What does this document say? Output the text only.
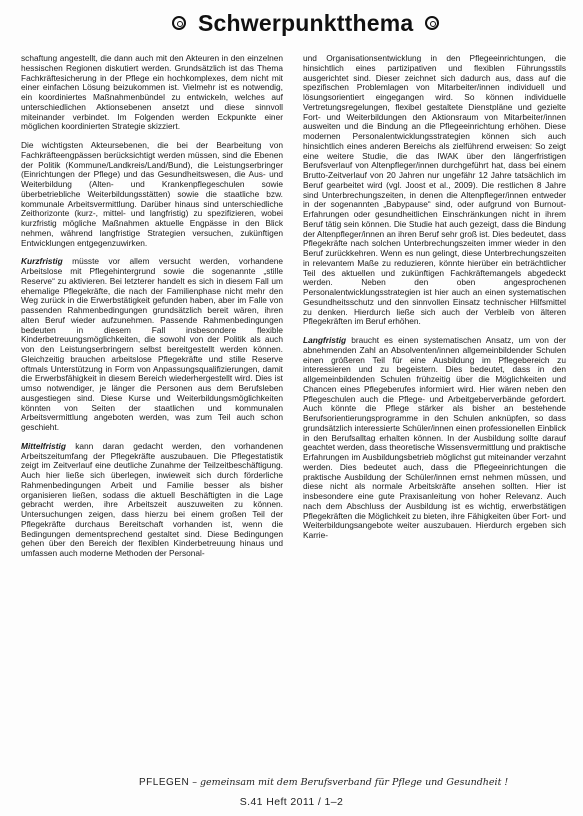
Schwerpunktthema

schaftung angestellt, die dann auch mit den Akteuren in den einzelnen hessischen Regionen diskutiert werden. Grundsätzlich ist das Thema Fachkräftesicherung in der Pflege ein hochkomplexes, dem nicht mit einer einfachen Lösung beizukommen ist. Vielmehr ist es notwendig, ein koordiniertes Maßnahmenbündel zu entwickeln, welches auf unterschiedlichen Aktionsebenen ansetzt und diese sinnvoll miteinander verbindet. Im Folgenden werden Eckpunkte einer möglichen koordinierten Strategie skizziert.

Die wichtigsten Akteursebenen, die bei der Bearbeitung von Fachkräfteengpässen berücksichtigt werden müssen, sind die Ebenen der Politik (Kommune/Landkreis/Land/Bund), die Leistungserbringer (Einrichtungen der Pflege) und das Gesundheitswesen, die Aus- und Weiterbildung (Alten- und Krankenpflegeschulen sowie überbetriebliche Weiterbildungsstätten) sowie die staatliche bzw. kommunale Arbeitsvermittlung. Darüber hinaus sind unterschiedliche Zeithorizonte (kurz-, mittel- und langfristig) zu spezifizieren, wobei kurzfristig mögliche Maßnahmen aktuelle Engpässe in den Blick nehmen, während langfristige Strategien versuchen, zukünftigen Entwicklungen entgegenzuwirken.

Kurzfristig müsste vor allem versucht werden, vorhandene Arbeitslose mit Pflegehintergrund sowie die sogenannte „stille Reserve“ zu aktivieren. Bei letzterer handelt es sich in diesem Fall um ehemalige Pflegekräfte, die nach der Familienphase nicht mehr den Weg zurück in die Erwerbstätigkeit gefunden haben, aber im Falle von passenden Rahmenbedingungen grundsätzlich bereit wären, ihren alten Beruf wieder aufzunehmen. Passende Rahmenbedingungen bedeuten in diesem Fall insbesondere flexible Kinderbetreuungsmöglichkeiten, die sowohl von der Politik als auch von den Leistungserbringern selbst bereitgestellt werden können. Gleichzeitig brauchen arbeitslose Pflegekräfte und stille Reserve oftmals Unterstützung in Form von Anpassungsqualifizierungen, damit die Erwerbsfähigkeit in diesem Bereich wiederhergestellt wird. Dies ist umso notwendiger, je länger die Personen aus dem Berufsleben ausgestiegen sind. Diese Kurse und Weiterbildungsmöglichkeiten könnten von Seiten der staatlichen und kommunalen Arbeitsvermittlung angeboten werden, was zum Teil auch schon geschieht.

Mittelfristig kann daran gedacht werden, den vorhandenen Arbeitszeitumfang der Pflegekräfte auszubauen. Die Pflegestatistik zeigt im Zeitverlauf eine deutliche Zunahme der Teilzeitbeschäftigung. Auch hier ließe sich überlegen, inwieweit sich durch förderliche Rahmenbedingungen Arbeit und Familie besser als bisher organisieren ließen, sodass die aktuell Beschäftigten in die Lage gebracht werden, ihre Arbeitszeit auszuweiten zu können. Untersuchungen zeigen, dass hierzu bei einem großen Teil der Pflegekräfte durchaus Bereitschaft vorhanden ist, wenn die Bedingungen dementsprechend gestaltet sind. Diese Bedingungen gehen über den Bereich der flexiblen Kinderbetreuung hinaus und umfassen auch moderne Methoden der Personal-

und Organisationsentwicklung in den Pflegeeinrichtungen, die hinsichtlich eines partizipativen und flexiblen Führungsstils ausgerichtet sind. Dieser zeichnet sich dadurch aus, dass auf die spezifischen Problemlagen von Mitarbeiter/innen individuell und lösungsorientiert eingegangen wird. So können individuelle Vertretungsregelungen, flexibel gestaltete Dienstpläne und gezielte Fort- und Weiterbildungen den Aktionsraum von Mitarbeiter/innen ausweiten und die Bindung an die Pflegeeinrichtung erhöhen. Diese modernen Personalentwicklungsstrategien können sich auch hinsichtlich eines anderen Bereichs als zielführend erweisen: So zeigt eine weitere Studie, die das IWAK über den längerfristigen Berufsverlauf von Altenpfleger/innen durchgeführt hat, dass bei einem Brutto-Zeitverlauf von 20 Jahren nur ungefähr 12 Jahre tatsächlich im Beruf gearbeitet wird (vgl. Joost et al., 2009). Die restlichen 8 Jahre sind Unterbrechungszeiten, in denen die Altenpfleger/innen entweder in der sogenannten „Babypause“ sind, oder aufgrund von Burnout-Erfahrungen oder gesundheitlichen Einschränkungen nicht in ihrem Beruf tätig sein können. Die Studie hat auch gezeigt, dass die Bindung der Altenpfleger/innen an ihren Beruf sehr groß ist. Dies bedeutet, dass Pflegekräfte nach solchen Unterbrechungszeiten immer wieder in den Beruf zurückkehren. Wenn es nun gelingt, diese Unterbrechungszeiten in relevantem Maße zu reduzieren, könnte hierüber ein beträchtlicher Teil des aktuellen und zukünftigen Fachkräftemangels abgedeckt werden. Neben den oben angesprochenen Personalentwicklungsstrategien ist hier auch an einen systematischen Gesundheitsschutz und den sinnvollen Einsatz technischer Hilfsmittel zu denken. Hierdurch ließe sich auch der Verbleib von älteren Pflegekräften im Beruf erhöhen.

Langfristig braucht es einen systematischen Ansatz, um von der abnehmenden Zahl an Absolventen/innen allgemeinbildender Schulen einen größeren Teil für eine Ausbildung im Pflegebereich zu interessieren und zu begeistern. Dies bedeutet, dass in den allgemeinbildenden Schulen frühzeitig über die Möglichkeiten und Chancen eines Pflegeberufes informiert wird. Hier wären neben den Pflegeschulen auch die Pflege- und Arbeitgeberverbände gefordert. Auch könnte die Pflege stärker als bisher an bestehende Berufsorientierungsprogramme in den Schulen anknüpfen, so dass grundsätzlich interessierte Schüler/innen einen professionellen Einblick in den Berufsalltag erhalten können. In der Ausbildung sollte darauf geachtet werden, dass theoretische Wissensvermittlung und praktische Erfahrungen im Ausbildungsbetrieb möglichst gut miteinander verzahnt werden. Dies bedeutet auch, dass die Pflegeeinrichtungen die praktische Ausbildung der Schüler/innen ernst nehmen müssen, und diese nicht als normale Arbeitskräfte ansehen sollten. Hier ist insbesondere eine gute Praxisanleitung von hoher Relevanz. Auch nach dem Abschluss der Ausbildung ist es wichtig, erwerbstätigen Pflegekräften die Möglichkeit zu bieten, ihre Fähigkeiten über Fort- und Weiterbildungsangebote weiter auszubauen. Hierdurch ergeben sich Karrie-

PFLEGEN – gemeinsam mit dem Berufsverband für Pflege und Gesundheit !
S.41 Heft 2011 / 1–2
